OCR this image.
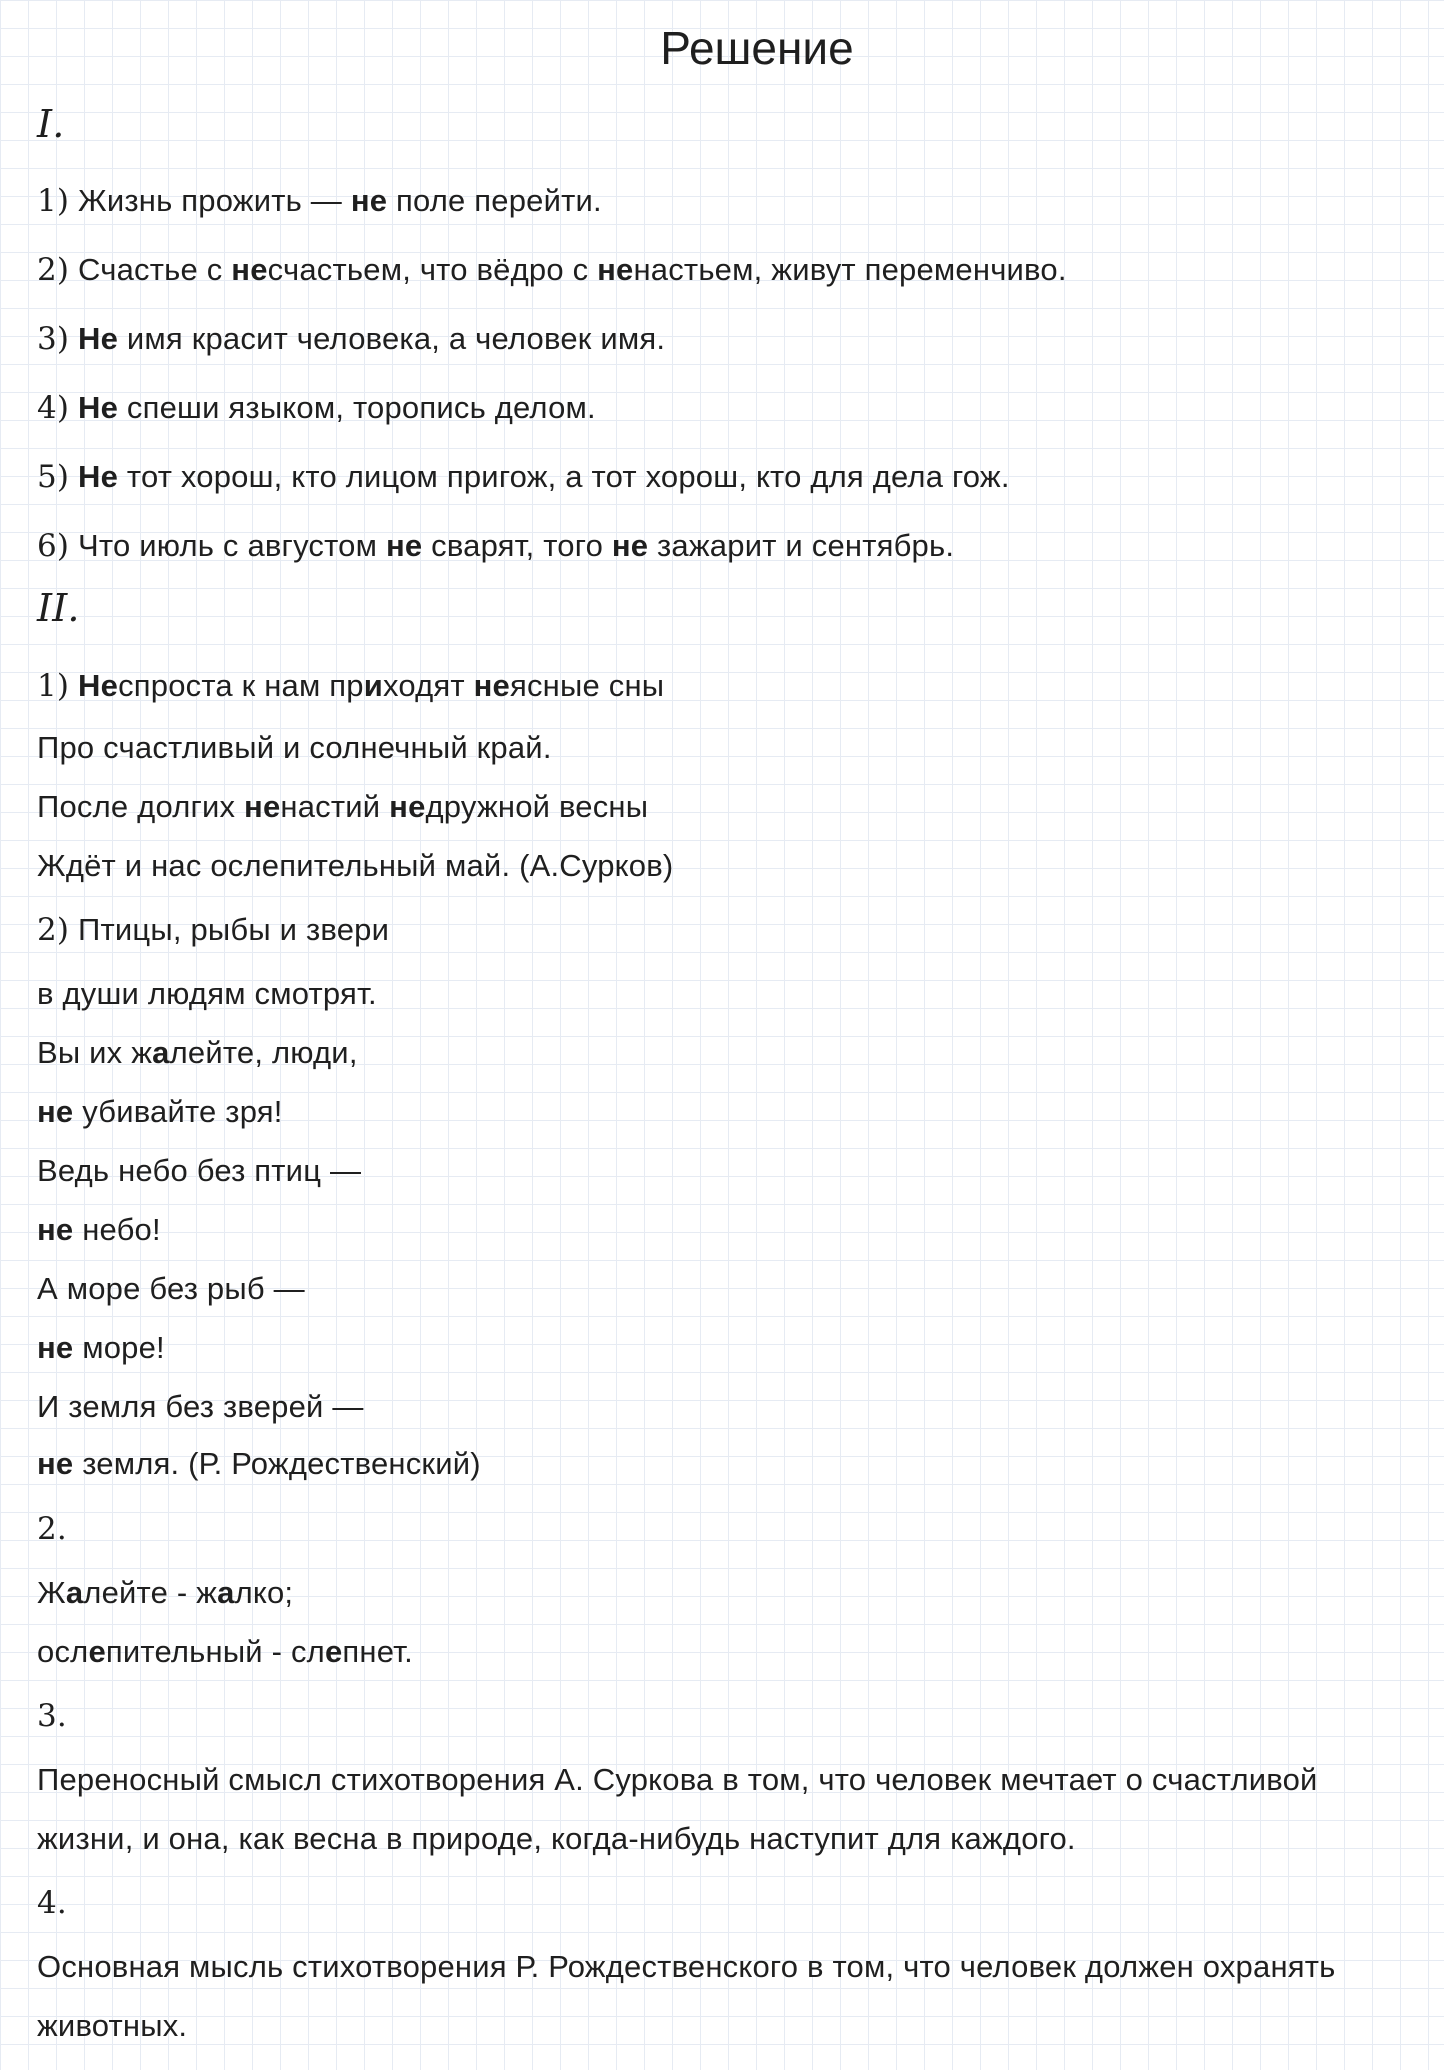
Решение
I.
1) Жизнь прожить — не поле перейти.
2) Счастье с несчастьем, что вёдро с ненастьем, живут переменчиво.
3) Не имя красит человека, а человек имя.
4) Не спеши языком, торопись делом.
5) Не тот хорош, кто лицом пригож, а тот хорош, кто для дела гож.
6) Что июль с августом не сварят, того не зажарит и сентябрь.
II.
1) Неспроста к нам приходят неясные сны
Про счастливый и солнечный край.
После долгих ненастий недружной весны
Ждёт и нас ослепительный май. (А.Сурков)
2) Птицы, рыбы и звери
в души людям смотрят.
Вы их жалейте, люди,
не убивайте зря!
Ведь небо без птиц —
не небо!
А море без рыб —
не море!
И земля без зверей —
не земля. (Р. Рождественский)
2.
Жалейте - жалко;
ослепительный - слепнет.
3.
Переносный смысл стихотворения А. Суркова в том, что человек мечтает о счастливой
жизни, и она, как весна в природе, когда-нибудь наступит для каждого.
4.
Основная мысль стихотворения Р. Рождественского в том, что человек должен охранять
животных.
